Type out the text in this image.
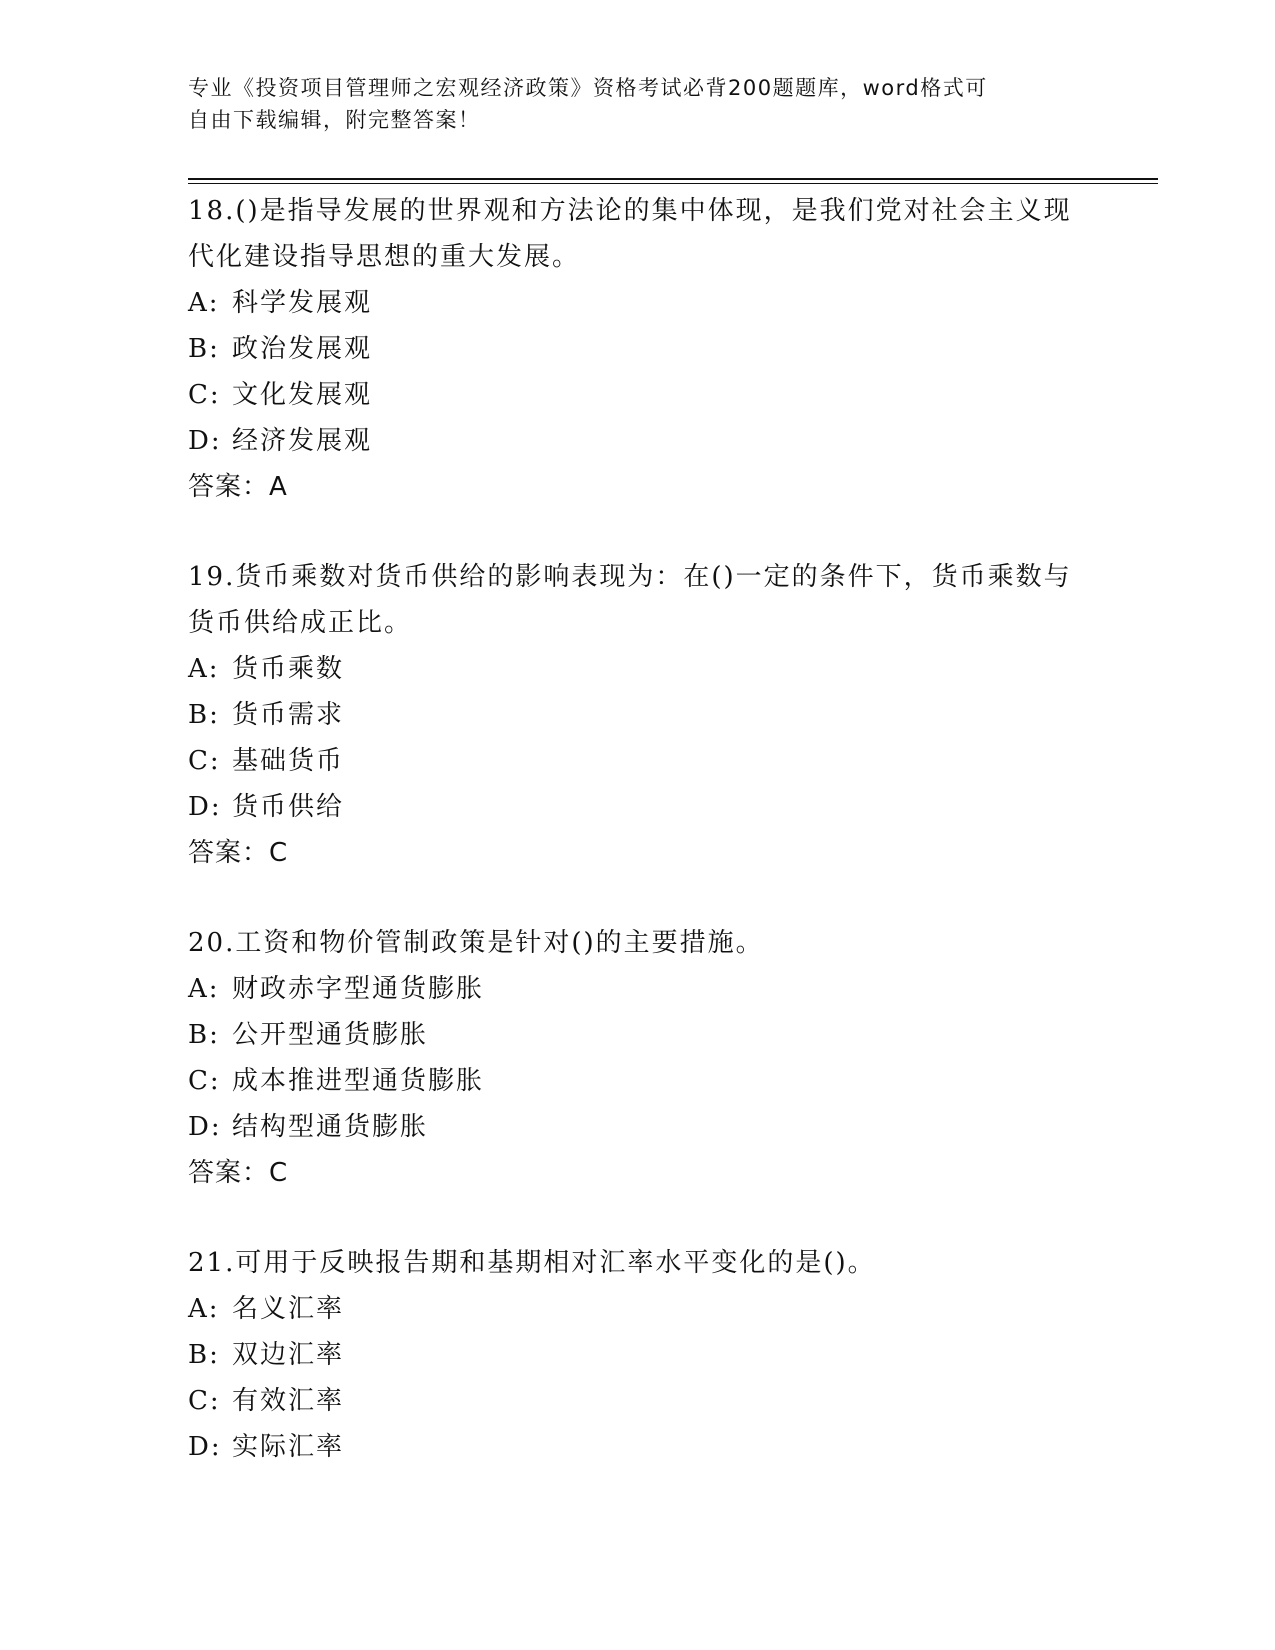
专业《投资项目管理师之宏观经济政策》资格考试必背200题题库，word格式可
自由下载编辑，附完整答案！
18.()是指导发展的世界观和方法论的集中体现，是我们党对社会主义现代化建设指导思想的重大发展。
A: 科学发展观
B: 政治发展观
C: 文化发展观
D: 经济发展观
答案：A
19.货币乘数对货币供给的影响表现为：在()一定的条件下，货币乘数与货币供给成正比。
A: 货币乘数
B: 货币需求
C: 基础货币
D: 货币供给
答案：C
20.工资和物价管制政策是针对()的主要措施。
A: 财政赤字型通货膨胀
B: 公开型通货膨胀
C: 成本推进型通货膨胀
D: 结构型通货膨胀
答案：C
21.可用于反映报告期和基期相对汇率水平变化的是()。
A: 名义汇率
B: 双边汇率
C: 有效汇率
D: 实际汇率
